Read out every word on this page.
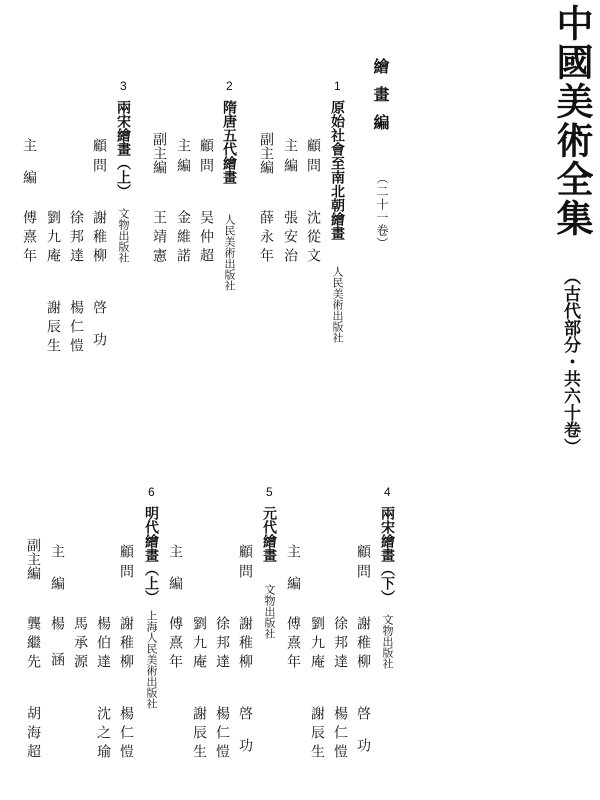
中國美術全集
（古代部分・共六十卷）
繪畫編
（二十一卷）
1
原始社會至南北朝繪畫
人民美術出版社
顧問
沈從文
主編
張安治
副主編
薛永年
2
隋唐五代繪畫
人民美術出版社
顧問
吴仲超
主編
金維諾
副主編
王靖憲
3
兩宋繪畫（上）
文物出版社
顧問
謝稚柳
啓功
徐邦達
楊仁愷
劉九庵
謝辰生
主編
傅熹年
4
兩宋繪畫（下）
文物出版社
顧問
謝稚柳
啓功
徐邦達
楊仁愷
劉九庵
謝辰生
主編
傅熹年
5
元代繪畫
文物出版社
顧問
謝稚柳
啓功
徐邦達
楊仁愷
劉九庵
謝辰生
主編
傅熹年
6
明代繪畫（上）
上海人民美術出版社
顧問
謝稚柳
楊仁愷
楊伯達
沈之瑜
馬承源
主編
楊涵
副主編
龔繼先
胡海超
